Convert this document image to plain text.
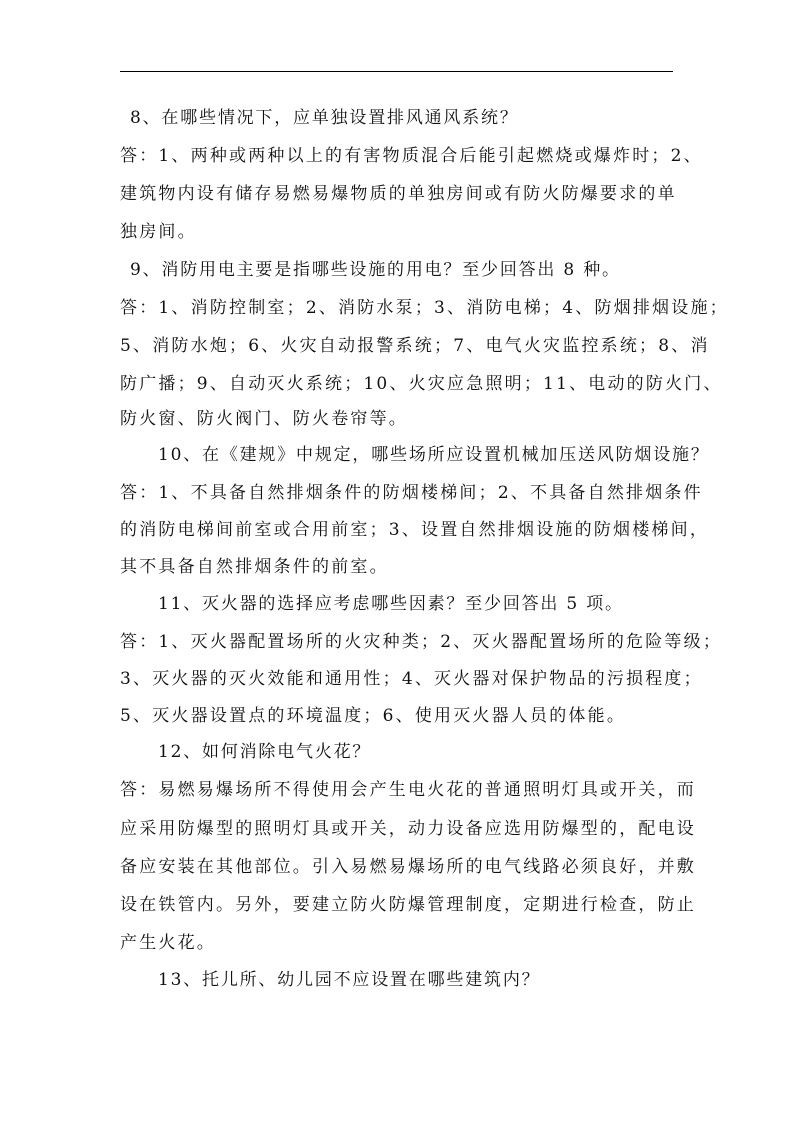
8、在哪些情况下，应单独设置排风通风系统？
答：1、两种或两种以上的有害物质混合后能引起燃烧或爆炸时；2、
建筑物内设有储存易燃易爆物质的单独房间或有防火防爆要求的单
独房间。
9、消防用电主要是指哪些设施的用电？至少回答出 8 种。
答：1、消防控制室；2、消防水泵；3、消防电梯；4、防烟排烟设施；
5、消防水炮；6、火灾自动报警系统；7、电气火灾监控系统；8、消
防广播；9、自动灭火系统；10、火灾应急照明；11、电动的防火门、
防火窗、防火阀门、防火卷帘等。
10、在《建规》中规定，哪些场所应设置机械加压送风防烟设施？
答：1、不具备自然排烟条件的防烟楼梯间；2、不具备自然排烟条件
的消防电梯间前室或合用前室；3、设置自然排烟设施的防烟楼梯间，
其不具备自然排烟条件的前室。
11、灭火器的选择应考虑哪些因素？至少回答出 5 项。
答：1、灭火器配置场所的火灾种类；2、灭火器配置场所的危险等级；
3、灭火器的灭火效能和通用性；4、灭火器对保护物品的污损程度；
5、灭火器设置点的环境温度；6、使用灭火器人员的体能。
12、如何消除电气火花？
答：易燃易爆场所不得使用会产生电火花的普通照明灯具或开关，而
应采用防爆型的照明灯具或开关，动力设备应选用防爆型的，配电设
备应安装在其他部位。引入易燃易爆场所的电气线路必须良好，并敷
设在铁管内。另外，要建立防火防爆管理制度，定期进行检查，防止
产生火花。
13、托儿所、幼儿园不应设置在哪些建筑内？
